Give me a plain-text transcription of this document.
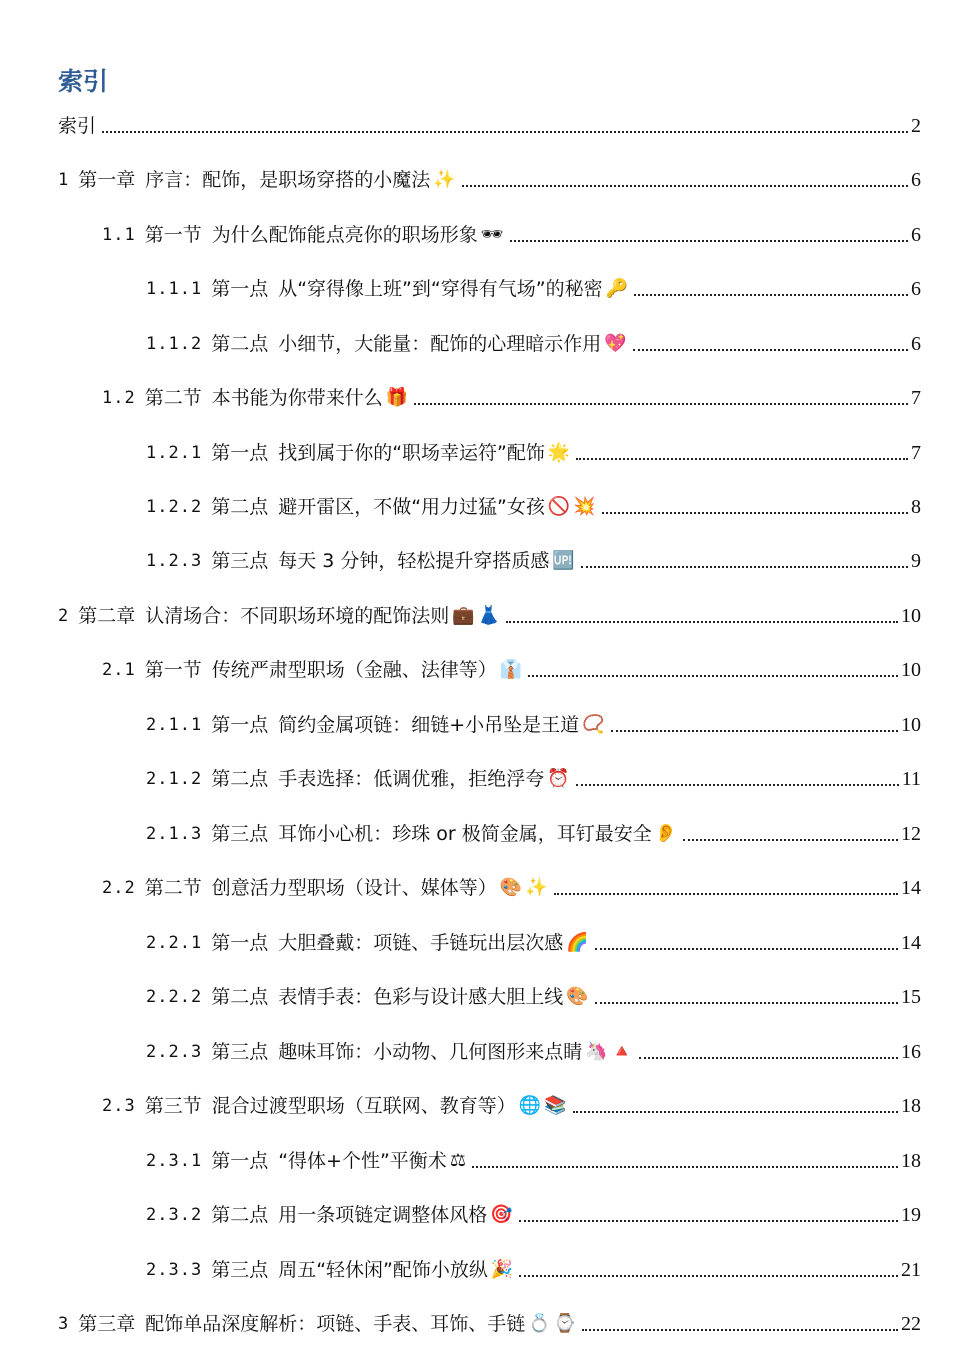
索引
索引	2
1 第一章 序言：配饰，是职场穿搭的小魔法 ✨	6
1.1 第一节 为什么配饰能点亮你的职场形象 🕶	6
1.1.1 第一点 从“穿得像上班”到“穿得有气场”的秘密 🔑	6
1.1.2 第二点 小细节，大能量：配饰的心理暗示作用 💖	6
1.2 第二节 本书能为你带来什么 🎁	7
1.2.1 第一点 找到属于你的“职场幸运符”配饰 🌟	7
1.2.2 第二点 避开雷区，不做“用力过猛”女孩 🚫 💥	8
1.2.3 第三点 每天 3 分钟，轻松提升穿搭质感 🆙	9
2 第二章 认清场合：不同职场环境的配饰法则 💼 👗	10
2.1 第一节 传统严肃型职场（金融、法律等） 👔	10
2.1.1 第一点 简约金属项链：细链+小吊坠是王道 📿	10
2.1.2 第二点 手表选择：低调优雅，拒绝浮夸 ⏰	11
2.1.3 第三点 耳饰小心机：珍珠 or 极简金属，耳钉最安全 👂	12
2.2 第二节 创意活力型职场（设计、媒体等） 🎨 ✨	14
2.2.1 第一点 大胆叠戴：项链、手链玩出层次感 🌈	14
2.2.2 第二点 表情手表：色彩与设计感大胆上线 🎨	15
2.2.3 第三点 趣味耳饰：小动物、几何图形来点睛 🦄 🔺	16
2.3 第三节 混合过渡型职场（互联网、教育等） 🌐 📚	18
2.3.1 第一点 “得体+个性”平衡术 ⚖	18
2.3.2 第二点 用一条项链定调整体风格 🎯	19
2.3.3 第三点 周五“轻休闲”配饰小放纵 🎉	21
3 第三章 配饰单品深度解析：项链、手表、耳饰、手链 💍 ⌚	22
